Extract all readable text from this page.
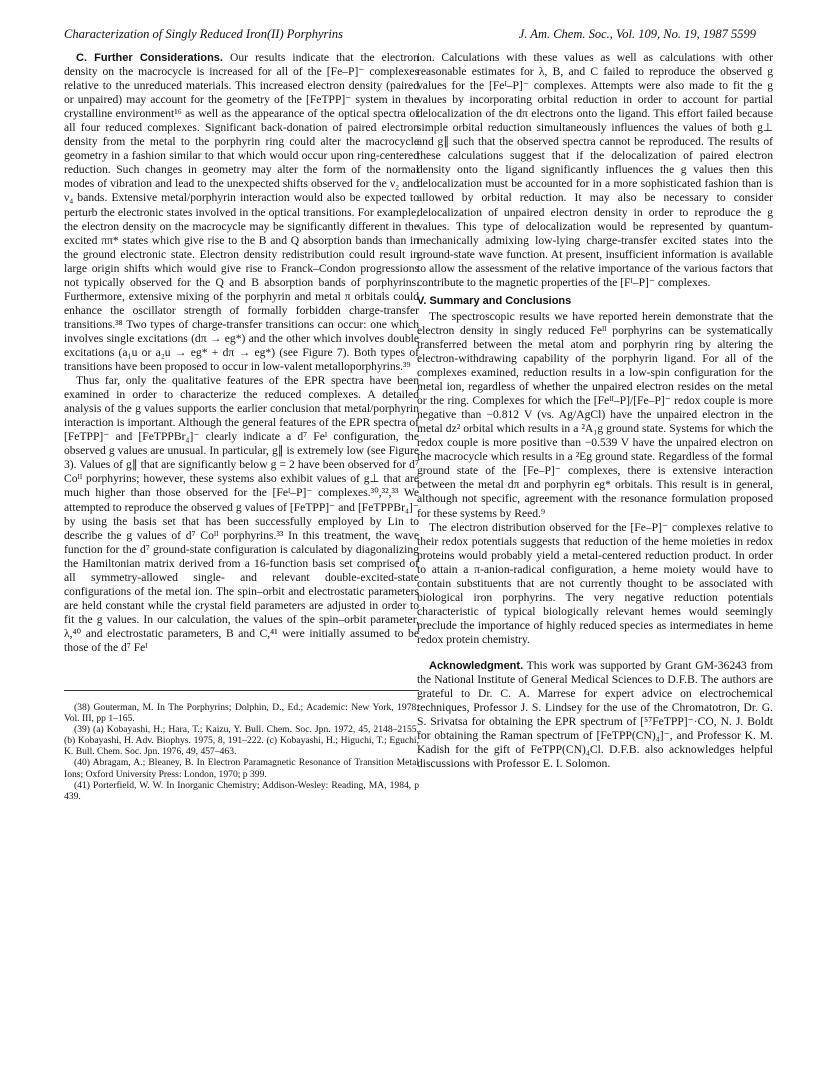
Characterization of Singly Reduced Iron(II) Porphyrins	J. Am. Chem. Soc., Vol. 109, No. 19, 1987 5599

C. Further Considerations. Our results indicate that the electron density on the macrocycle is increased for all of the [Fe–P]⁻ complexes relative to the unreduced materials. This increased electron density (paired or unpaired) may account for the geometry of the [FeTPP]⁻ system in the crystalline environment¹⁶ as well as the appearance of the optical spectra of all four reduced complexes. Significant back-donation of paired electron density from the metal to the porphyrin ring could alter the macrocycle geometry in a fashion similar to that which would occur upon ring-centered reduction. Such changes in geometry may alter the form of the normal modes of vibration and lead to the unexpected shifts observed for the ν₂ and ν₄ bands. Extensive metal/porphyrin interaction would also be expected to perturb the electronic states involved in the optical transitions. For example, the electron density on the macrocycle may be significantly different in the excited ππ* states which give rise to the B and Q absorption bands than in the ground electronic state. Electron density redistribution could result in large origin shifts which would give rise to Franck–Condon progressions not typically observed for the Q and B absorption bands of porphyrins. Furthermore, extensive mixing of the porphyrin and metal π orbitals could enhance the oscillator strength of formally forbidden charge-transfer transitions.³⁸ Two types of charge-transfer transitions can occur: one which involves single excitations (dπ → eg*) and the other which involves double excitations (a₁u or a₂u → eg* + dπ → eg*) (see Figure 7). Both types of transitions have been proposed to occur in low-valent metalloporphyrins.³⁹

Thus far, only the qualitative features of the EPR spectra have been examined in order to characterize the reduced complexes. A detailed analysis of the g values supports the earlier conclusion that metal/porphyrin interaction is important. Although the general features of the EPR spectra of [FeTPP]⁻ and [FeTPPBr₄]⁻ clearly indicate a d⁷ Feᴵ configuration, the observed g values are unusual. In particular, g∥ is extremely low (see Figure 3). Values of g∥ that are significantly below g = 2 have been observed for d⁷ Coᴵᴵ porphyrins; however, these systems also exhibit values of g⊥ that are much higher than those observed for the [Feᴵ–P]⁻ complexes.³⁰,³²,³³ We attempted to reproduce the observed g values of [FeTPP]⁻ and [FeTPPBr₄]⁻ by using the basis set that has been successfully employed by Lin to describe the g values of d⁷ Coᴵᴵ porphyrins.³³ In this treatment, the wave function for the d⁷ ground-state configuration is calculated by diagonalizing the Hamiltonian matrix derived from a 16-function basis set comprised of all symmetry-allowed single- and relevant double-excited-state configurations of the metal ion. The spin–orbit and electrostatic parameters are held constant while the crystal field parameters are adjusted in order to fit the g values. In our calculation, the values of the spin–orbit parameter, λ,⁴⁰ and electrostatic parameters, B and C,⁴¹ were initially assumed to be those of the d⁷ Feᴵ

(38) Gouterman, M. In The Porphyrins; Dolphin, D., Ed.; Academic: New York, 1978; Vol. III, pp 1–165.

(39) (a) Kobayashi, H.; Hara, T.; Kaizu, Y. Bull. Chem. Soc. Jpn. 1972, 45, 2148–2155. (b) Kobayashi, H. Adv. Biophys. 1975, 8, 191–222. (c) Kobayashi, H.; Higuchi, T.; Eguchi, K. Bull. Chem. Soc. Jpn. 1976, 49, 457–463.

(40) Abragam, A.; Bleaney, B. In Electron Paramagnetic Resonance of Transition Metal Ions; Oxford University Press: London, 1970; p 399.

(41) Porterfield, W. W. In Inorganic Chemistry; Addison-Wesley: Reading, MA, 1984, p 439.

ion. Calculations with these values as well as calculations with other reasonable estimates for λ, B, and C failed to reproduce the observed g values for the [Feᴵ–P]⁻ complexes. Attempts were also made to fit the g values by incorporating orbital reduction in order to account for partial delocalization of the dπ electrons onto the ligand. This effort failed because simple orbital reduction simultaneously influences the values of both g⊥ and g∥ such that the observed spectra cannot be reproduced. The results of these calculations suggest that if the delocalization of paired electron density onto the ligand significantly influences the g values then this delocalization must be accounted for in a more sophisticated fashion than is allowed by orbital reduction. It may also be necessary to consider delocalization of unpaired electron density in order to reproduce the g values. This type of delocalization would be represented by quantum-mechanically admixing low-lying charge-transfer excited states into the ground-state wave function. At present, insufficient information is available to allow the assessment of the relative importance of the various factors that contribute to the magnetic properties of the [Fᴵ–P]⁻ complexes.

V. Summary and Conclusions

The spectroscopic results we have reported herein demonstrate that the electron density in singly reduced Feᴵᴵ porphyrins can be systematically transferred between the metal atom and porphyrin ring by altering the electron-withdrawing capability of the porphyrin ligand. For all of the complexes examined, reduction results in a low-spin configuration for the metal ion, regardless of whether the unpaired electron resides on the metal or the ring. Complexes for which the [Feᴵᴵ–P]/[Fe–P]⁻ redox couple is more negative than −0.812 V (vs. Ag/AgCl) have the unpaired electron in the metal dz² orbital which results in a ²A₁g ground state. Systems for which the redox couple is more positive than −0.539 V have the unpaired electron on the macrocycle which results in a ²Eg ground state. Regardless of the formal ground state of the [Fe–P]⁻ complexes, there is extensive interaction between the metal dπ and porphyrin eg* orbitals. This result is in general, although not specific, agreement with the resonance formulation proposed for these systems by Reed.⁹

The electron distribution observed for the [Fe–P]⁻ complexes relative to their redox potentials suggests that reduction of the heme moieties in redox proteins would probably yield a metal-centered reduction product. In order to attain a π-anion-radical configuration, a heme moiety would have to contain substituents that are not currently thought to be associated with biological iron porphyrins. The very negative reduction potentials characteristic of typical biologically relevant hemes would seemingly preclude the importance of highly reduced species as intermediates in heme redox protein chemistry.

Acknowledgment. This work was supported by Grant GM-36243 from the National Institute of General Medical Sciences to D.F.B. The authors are grateful to Dr. C. A. Marrese for expert advice on electrochemical techniques, Professor J. S. Lindsey for the use of the Chromatotron, Dr. G. S. Srivatsa for obtaining the EPR spectrum of [⁵⁷FeTPP]⁻·CO, N. J. Boldt for obtaining the Raman spectrum of [FeTPP(CN)₄]⁻, and Professor K. M. Kadish for the gift of FeTPP(CN)₄Cl. D.F.B. also acknowledges helpful discussions with Professor E. I. Solomon.
